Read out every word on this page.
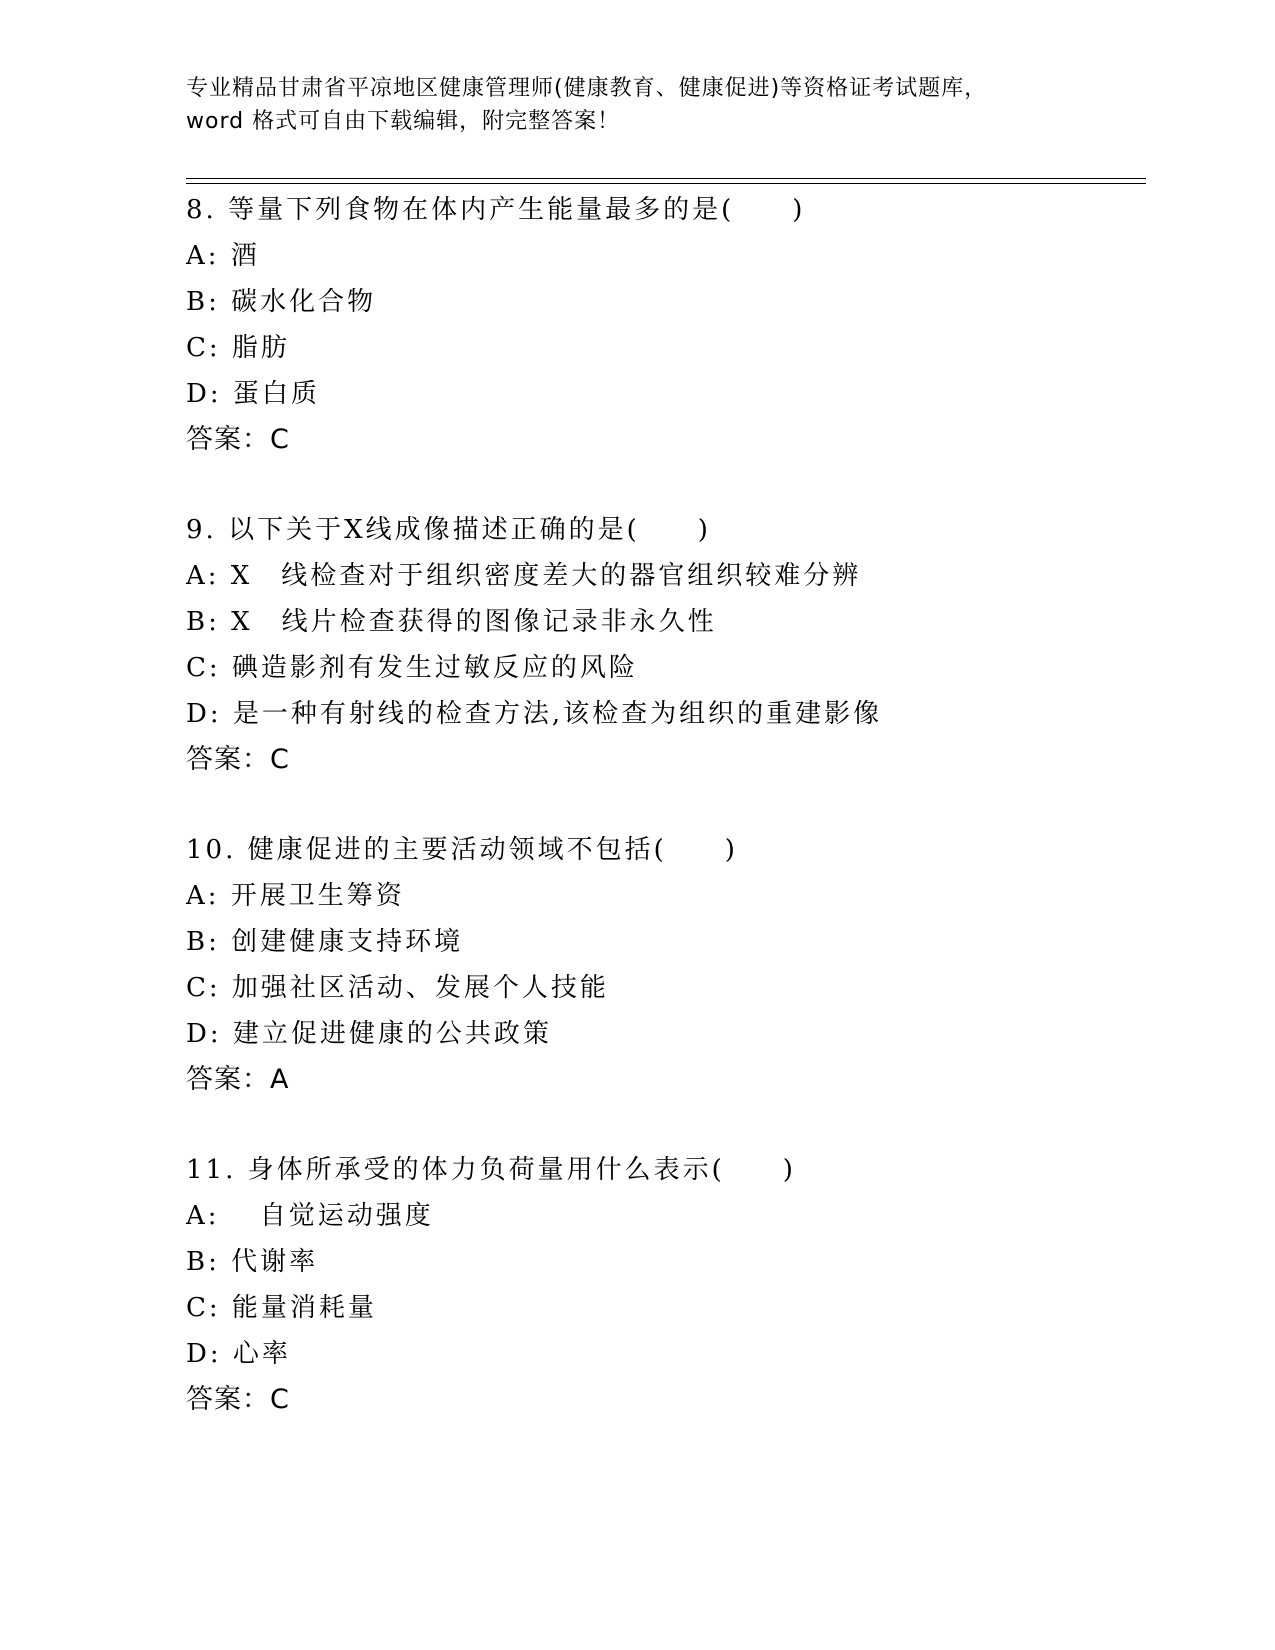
专业精品甘肃省平凉地区健康管理师(健康教育、健康促进)等资格证考试题库，
word 格式可自由下载编辑，附完整答案！
8. 等量下列食物在体内产生能量最多的是(　　)
A: 酒
B: 碳水化合物
C: 脂肪
D: 蛋白质
答案：C
9. 以下关于X线成像描述正确的是(　　)
A: X　线检查对于组织密度差大的器官组织较难分辨
B: X　线片检查获得的图像记录非永久性
C: 碘造影剂有发生过敏反应的风险
D: 是一种有射线的检查方法,该检查为组织的重建影像
答案：C
10. 健康促进的主要活动领域不包括(　　)
A: 开展卫生筹资
B: 创建健康支持环境
C: 加强社区活动、发展个人技能
D: 建立促进健康的公共政策
答案：A
11. 身体所承受的体力负荷量用什么表示(　　)
A: 　自觉运动强度
B: 代谢率
C: 能量消耗量
D: 心率
答案：C
